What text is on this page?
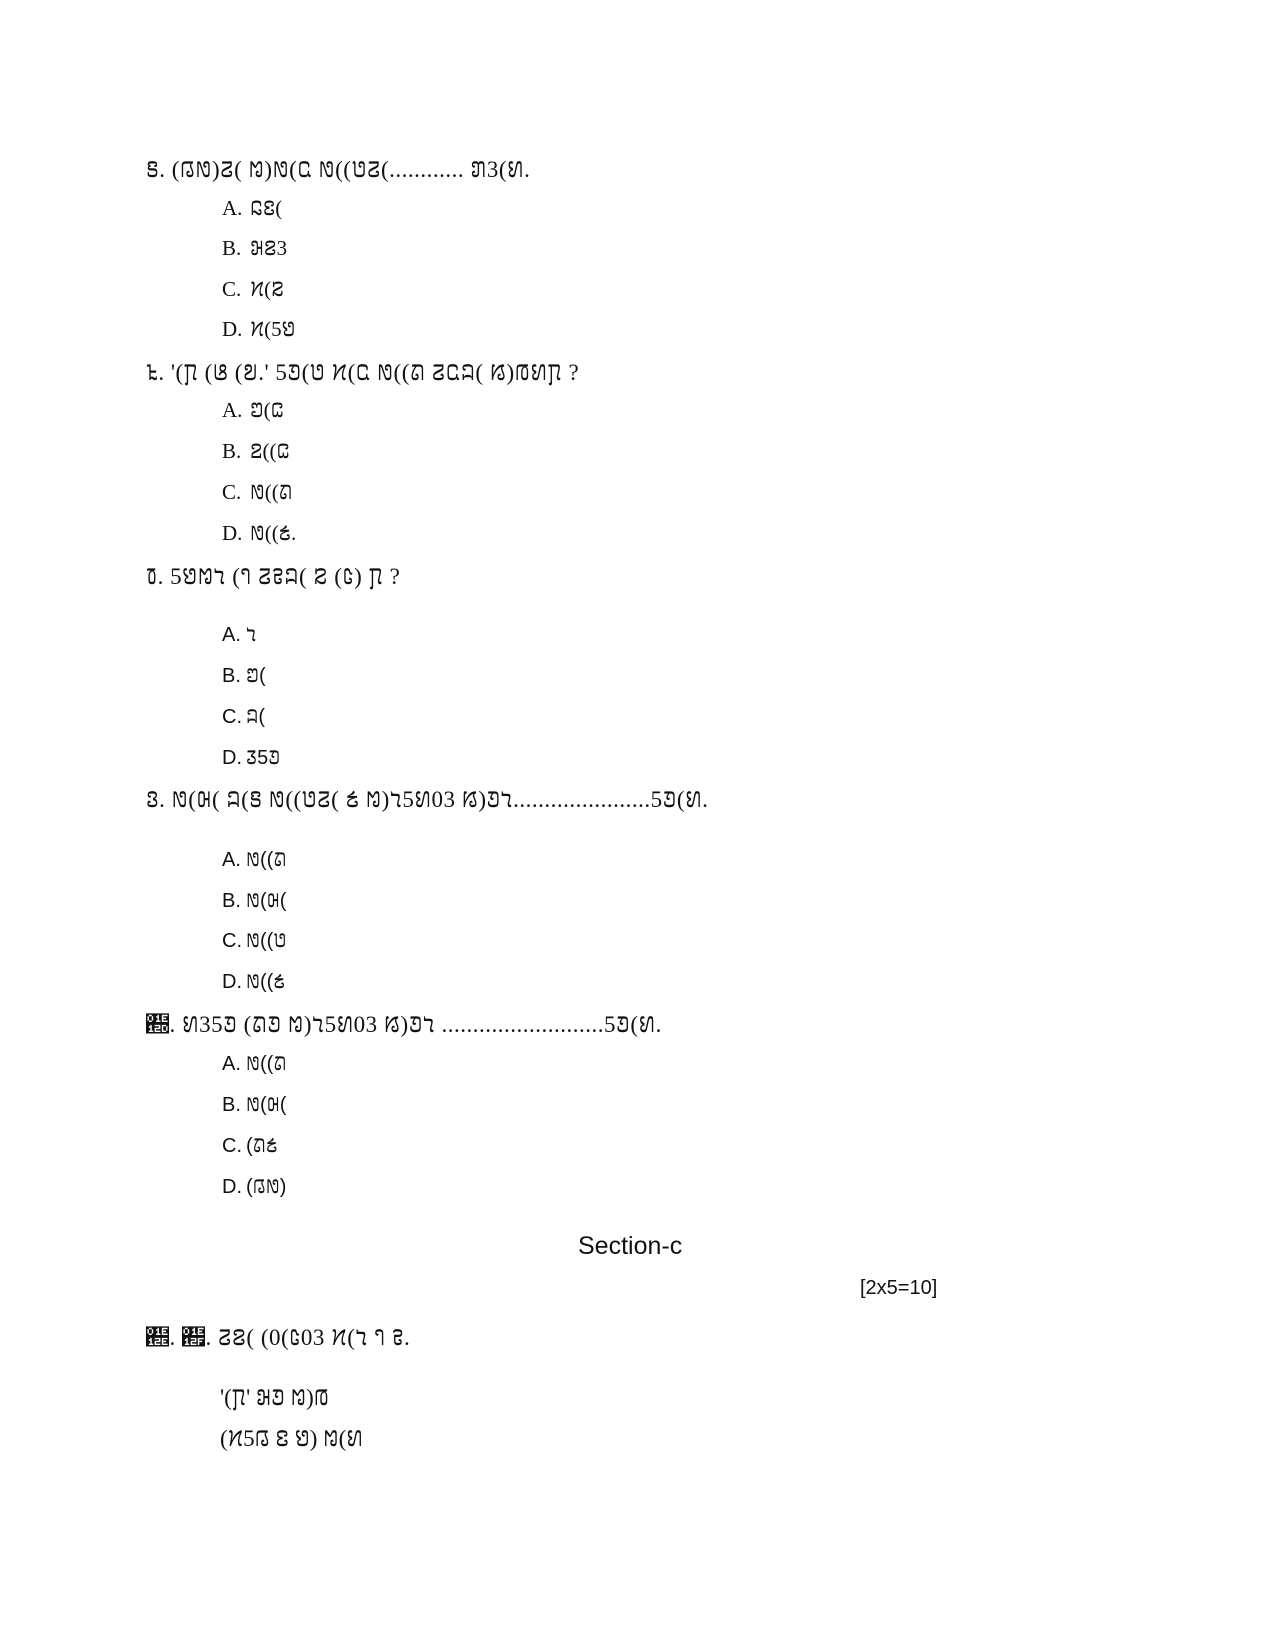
𞄩. (𞄀𞄂)𞄉( 𞄌)𞄂(𞄏 𞄂((𞄃𞄉(............ 𞄄3(𞄅.
A. 𞄐𞄑(
B. 𞄒𞄓3
C. 𞄔(𞄕
D. 𞄔(5𞄖
𞄪. '(𞄗 (𞄘 (𞄙.' 5𞄚(𞄃 𞄔(𞄏 𞄂((𞄛 𞄉𞄏𞄜( 𞄝)𞄞𞄅𞄗 ?
A. 𞄟(𞄠
B. 𞄡((𞄠
C. 𞄂((𞄛
D. 𞄂((𞄢.
𞄫. 5𞄖𞄌𞄣 (𞄤 𞄉𞄥𞄜( 𞄕 (𞄦) 𞄗 ?
A. 𞄣
B. 𞄟(
C. 𞄜(
D. 𞄧5𞄚
𞄬. 𞄂(𞄨( 𞄜(𞄩 𞄂((𞄃𞄉( 𞄢 𞄌)𞄣5𞄅03 𞄝)𞄚𞄣......................5𞄚(𞄅.
A. 𞄂((𞄛
B. 𞄂(𞄨(
C. 𞄂((𞄃
D. 𞄂((𞄢
𞄭. 𞄅35𞄚 (𞄛𞄚 𞄌)𞄣5𞄅03 𞄝)𞄚𞄣 ..........................5𞄚(𞄅.
A. 𞄂((𞄛
B. 𞄂(𞄨(
C. (𞄛𞄢
D. (𞄀𞄂)
Section-c
[2x5=10]
𞄮. 𞄯. 𞄉𞄓( (0(𞄦03 𞄔(𞄣 𞄤 𞄥.
'(𞄗' 𞄒𞄚 𞄌)𞄞
(𞄔5𞄀 𞄑 𞄖) 𞄌(𞄅
